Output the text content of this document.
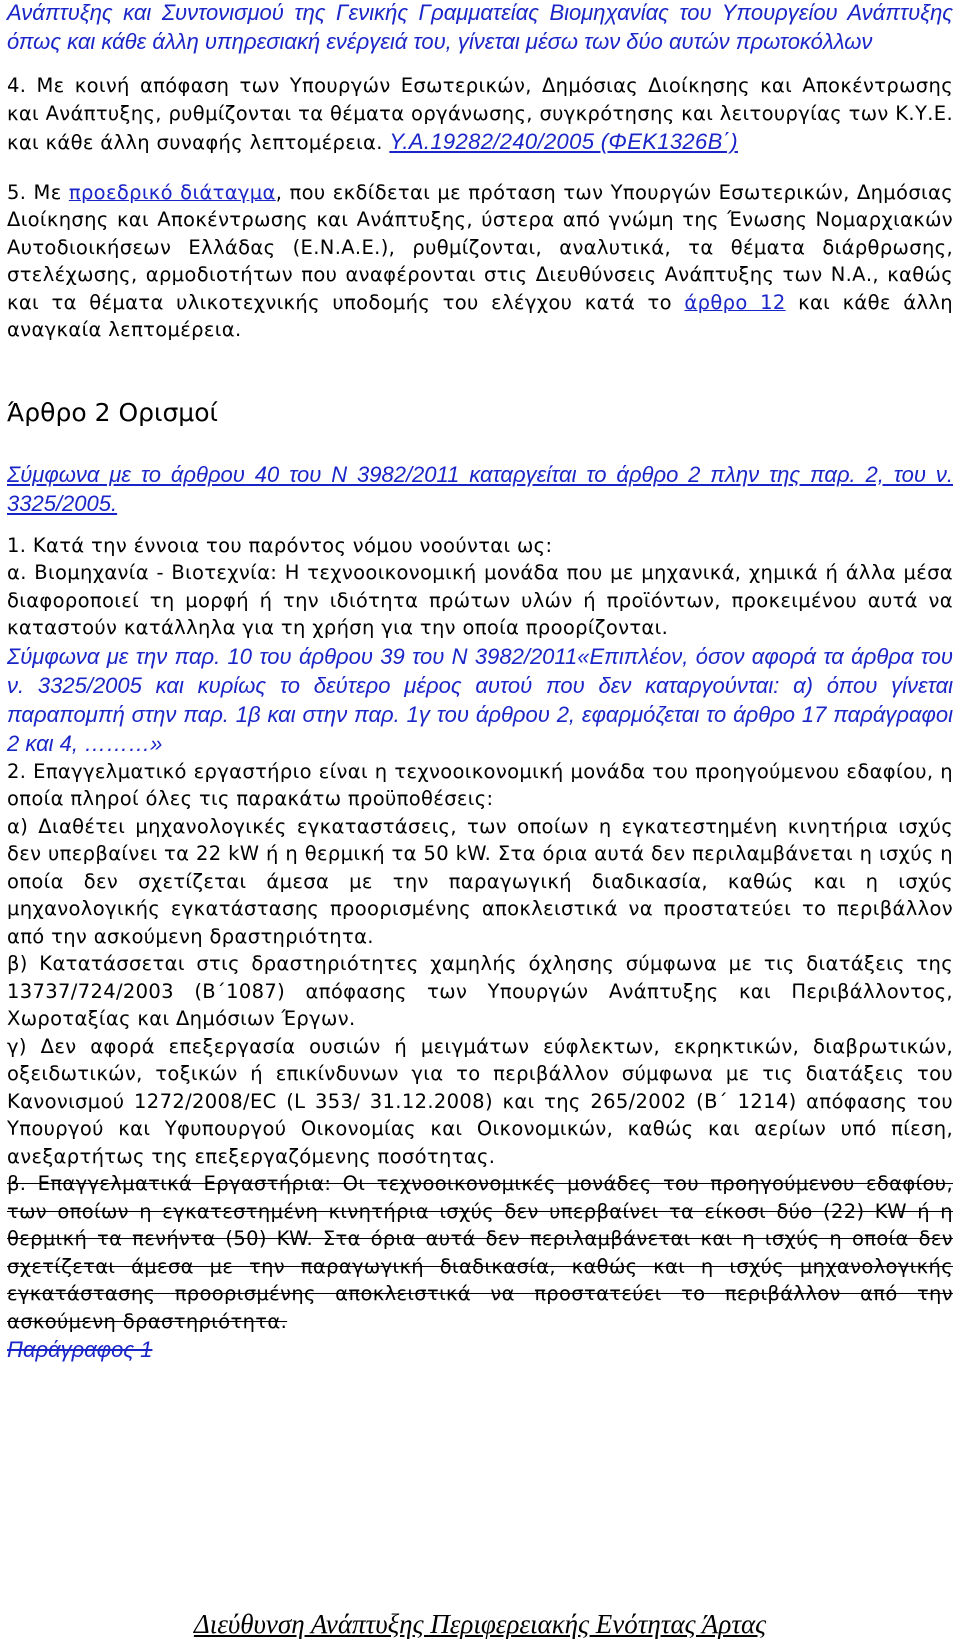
Ανάπτυξης και Συντονισμού της Γενικής Γραμματείας Βιομηχανίας του Υπουργείου Ανάπτυξης όπως και κάθε άλλη υπηρεσιακή ενέργειά του, γίνεται μέσω των δύο αυτών πρωτοκόλλων

4. Με κοινή απόφαση των Υπουργών Εσωτερικών, Δημόσιας Διοίκησης και Αποκέντρωσης και Ανάπτυξης, ρυθμίζονται τα θέματα οργάνωσης, συγκρότησης και λειτουργίας των Κ.Υ.Ε. και κάθε άλλη συναφής λεπτομέρεια. Υ.Α.19282/240/2005 (ΦΕΚ1326Β΄)

5. Με προεδρικό διάταγμα, που εκδίδεται με πρόταση των Υπουργών Εσωτερικών, Δημόσιας Διοίκησης και Αποκέντρωσης και Ανάπτυξης, ύστερα από γνώμη της Ένωσης Νομαρχιακών Αυτοδιοικήσεων Ελλάδας (Ε.Ν.Α.Ε.), ρυθμίζονται, αναλυτικά, τα θέματα διάρθρωσης, στελέχωσης, αρμοδιοτήτων που αναφέρονται στις Διευθύνσεις Ανάπτυξης των Ν.Α., καθώς και τα θέματα υλικοτεχνικής υποδομής του ελέγχου κατά το άρθρο 12 και κάθε άλλη αναγκαία λεπτομέρεια.

Άρθρο 2 Ορισμοί

Σύμφωνα με το άρθρου 40 του Ν 3982/2011 καταργείται το άρθρο 2 πλην της παρ. 2, του ν. 3325/2005.

1. Κατά την έννοια του παρόντος νόμου νοούνται ως:

α. Βιομηχανία - Βιοτεχνία: Η τεχνοοικονομική μονάδα που με μηχανικά, χημικά ή άλλα μέσα διαφοροποιεί τη μορφή ή την ιδιότητα πρώτων υλών ή προϊόντων, προκειμένου αυτά να καταστούν κατάλληλα για τη χρήση για την οποία προορίζονται.

Σύμφωνα με την παρ. 10 του άρθρου 39 του Ν 3982/2011«Επιπλέον, όσον αφορά τα άρθρα του ν. 3325/2005 και κυρίως το δεύτερο μέρος αυτού που δεν καταργούνται: α) όπου γίνεται παραπομπή στην παρ. 1β και στην παρ. 1γ του άρθρου 2, εφαρμόζεται το άρθρο 17 παράγραφοι 2 και 4, ………»

2. Επαγγελματικό εργαστήριο είναι η τεχνοοικονομική μονάδα του προηγούμενου εδαφίου, η οποία πληροί όλες τις παρακάτω προϋποθέσεις:

α) Διαθέτει μηχανολογικές εγκαταστάσεις, των οποίων η εγκατεστημένη κινητήρια ισχύς δεν υπερβαίνει τα 22 kW ή η θερμική τα 50 kW. Στα όρια αυτά δεν περιλαμβάνεται η ισχύς η οποία δεν σχετίζεται άμεσα με την παραγωγική διαδικασία, καθώς και η ισχύς μηχανολογικής εγκατάστασης προορισμένης αποκλειστικά να προστατεύει το περιβάλλον από την ασκούμενη δραστηριότητα.

β) Κατατάσσεται στις δραστηριότητες χαμηλής όχλησης σύμφωνα με τις διατάξεις της 13737/724/2003 (Β΄1087) απόφασης των Υπουργών Ανάπτυξης και Περιβάλλοντος, Χωροταξίας και Δημόσιων Έργων.

γ) Δεν αφορά επεξεργασία ουσιών ή μειγμάτων εύφλεκτων, εκρηκτικών, διαβρωτικών, οξειδωτικών, τοξικών ή επικίνδυνων για το περιβάλλον σύμφωνα με τις διατάξεις του Κανονισμού 1272/2008/EC (L 353/ 31.12.2008) και της 265/2002 (Β΄ 1214) απόφασης του Υπουργού και Υφυπουργού Οικονομίας και Οικονομικών, καθώς και αερίων υπό πίεση, ανεξαρτήτως της επεξεργαζόμενης ποσότητας.

β. Επαγγελματικά Εργαστήρια: Οι τεχνοοικονομικές μονάδες του προηγούμενου εδαφίου, των οποίων η εγκατεστημένη κινητήρια ισχύς δεν υπερβαίνει τα είκοσι δύο (22) KW ή η θερμική τα πενήντα (50) KW. Στα όρια αυτά δεν περιλαμβάνεται και η ισχύς η οποία δεν σχετίζεται άμεσα με την παραγωγική διαδικασία, καθώς και η ισχύς μηχανολογικής εγκατάστασης προορισμένης αποκλειστικά να προστατεύει το περιβάλλον από την ασκούμενη δραστηριότητα.

Παράγραφος 1

Διεύθυνση Ανάπτυξης Περιφερειακής Ενότητας Άρτας
